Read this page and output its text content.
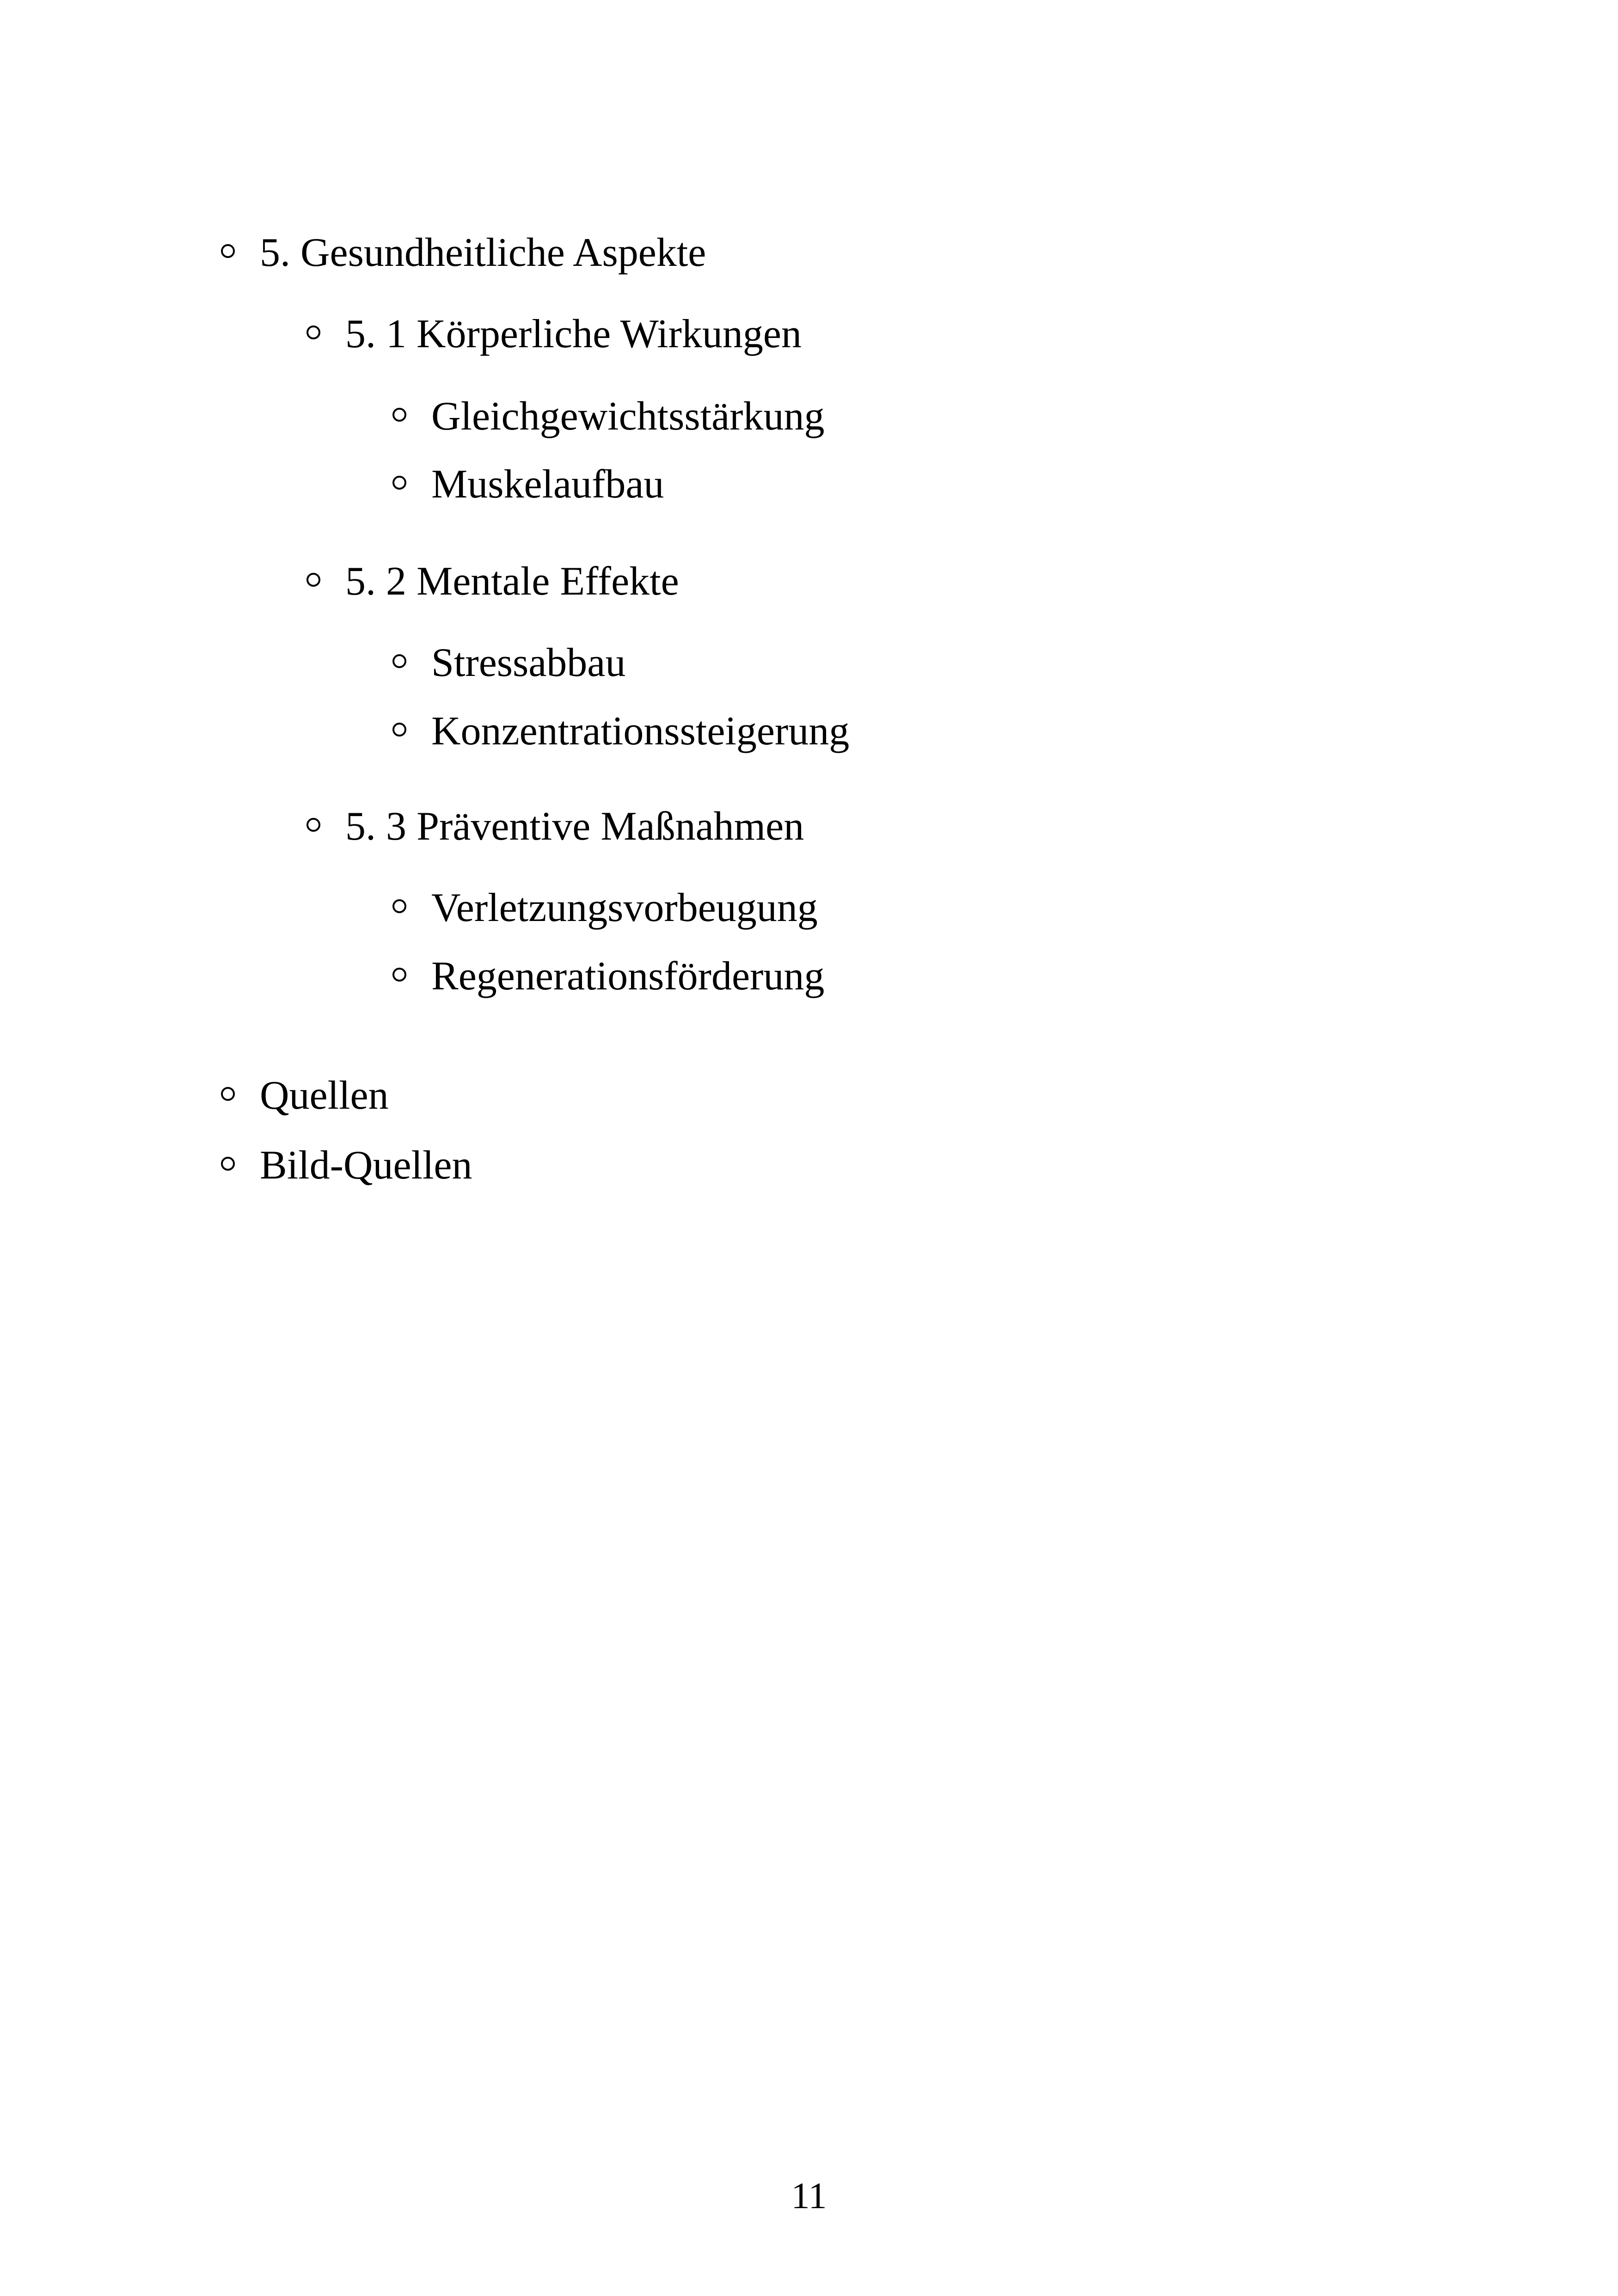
5. Gesundheitliche Aspekte
5. 1 Körperliche Wirkungen
Gleichgewichtsstärkung
Muskelaufbau
5. 2 Mentale Effekte
Stressabbau
Konzentrationssteigerung
5. 3 Präventive Maßnahmen
Verletzungsvorbeugung
Regenerationsförderung
Quellen
Bild-Quellen
11
